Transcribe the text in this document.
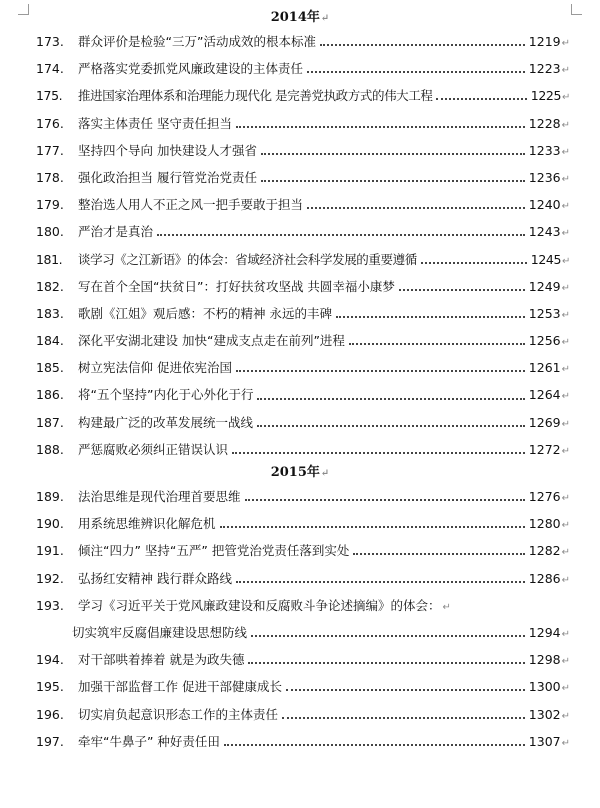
2014年↵
173. 群众评价是检验“三万”活动成效的根本标准	1219 ↵
174. 严格落实党委抓党风廉政建设的主体责任	1223 ↵
175. 推进国家治理体系和治理能力现代化 是完善党执政方式的伟大工程	1225 ↵
176. 落实主体责任 坚守责任担当	1228 ↵
177. 坚持四个导向 加快建设人才强省	1233 ↵
178. 强化政治担当 履行管党治党责任	1236 ↵
179. 整治选人用人不正之风一把手要敢于担当	1240 ↵
180. 严治才是真治	1243 ↵
181. 谈学习《之江新语》的体会：省域经济社会科学发展的重要遵循	1245 ↵
182. 写在首个全国“扶贫日”：打好扶贫攻坚战 共圆幸福小康梦	1249 ↵
183. 歌剧《江姐》观后感：不朽的精神 永远的丰碑	1253 ↵
184. 深化平安湖北建设 加快“建成支点走在前列”进程	1256 ↵
185. 树立宪法信仰 促进依宪治国	1261 ↵
186. 将“五个坚持”内化于心外化于行	1264 ↵
187. 构建最广泛的改革发展统一战线	1269 ↵
188. 严惩腐败必须纠正错误认识	1272 ↵
2015年↵
189. 法治思维是现代治理首要思维	1276 ↵
190. 用系统思维辨识化解危机	1280 ↵
191. 倾注“四力” 坚持“五严” 把管党治党责任落到实处	1282 ↵
192. 弘扬红安精神 践行群众路线	1286 ↵
193. 学习《习近平关于党风廉政建设和反腐败斗争论述摘编》的体会： ↵
切实筑牢反腐倡廉建设思想防线	1294 ↵
194. 对干部哄着捧着 就是为政失德	1298 ↵
195. 加强干部监督工作 促进干部健康成长	1300 ↵
196. 切实肩负起意识形态工作的主体责任	1302 ↵
197. 牵牢“牛鼻子” 种好责任田	1307 ↵
